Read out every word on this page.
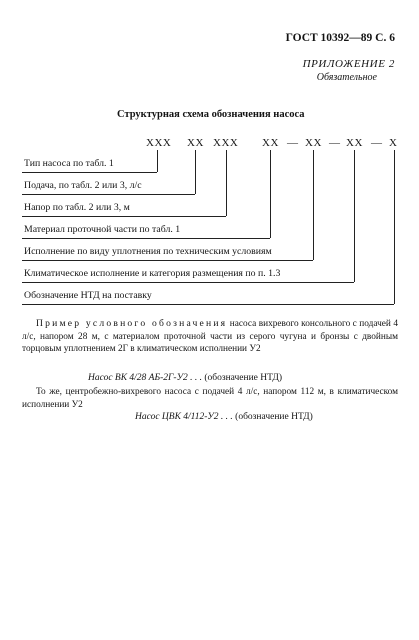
ГОСТ 10392—89 С. 6
ПРИЛОЖЕНИЕ 2
Обязательное
Структурная схема обозначения насоса
ХХХ ХХ ХХХ ХХ — ХХ — ХХ — Х
Тип насоса по табл. 1
Подача, по табл. 2 или 3, л/с
Напор по табл. 2 или 3, м
Материал проточной части по табл. 1
Исполнение по виду уплотнения по техническим условиям
Климатическое исполнение и категория размещения по п. 1.3
Обозначение НТД на поставку
Пример условного обозначения насоса вихревого консольного с подачей 4 л/с, напором 28 м, с материалом проточной части из серого чугуна и бронзы с двойным торцовым уплотнением 2Г в климатическом исполнении У2
Насос ВК 4/28 АБ-2Г-У2 . . . (обозначение НТД)
То же, центробежно-вихревого насоса с подачей 4 л/с, напором 112 м, в климатическом исполнении У2
Насос ЦВК 4/112-У2 . . . (обозначение НТД)
